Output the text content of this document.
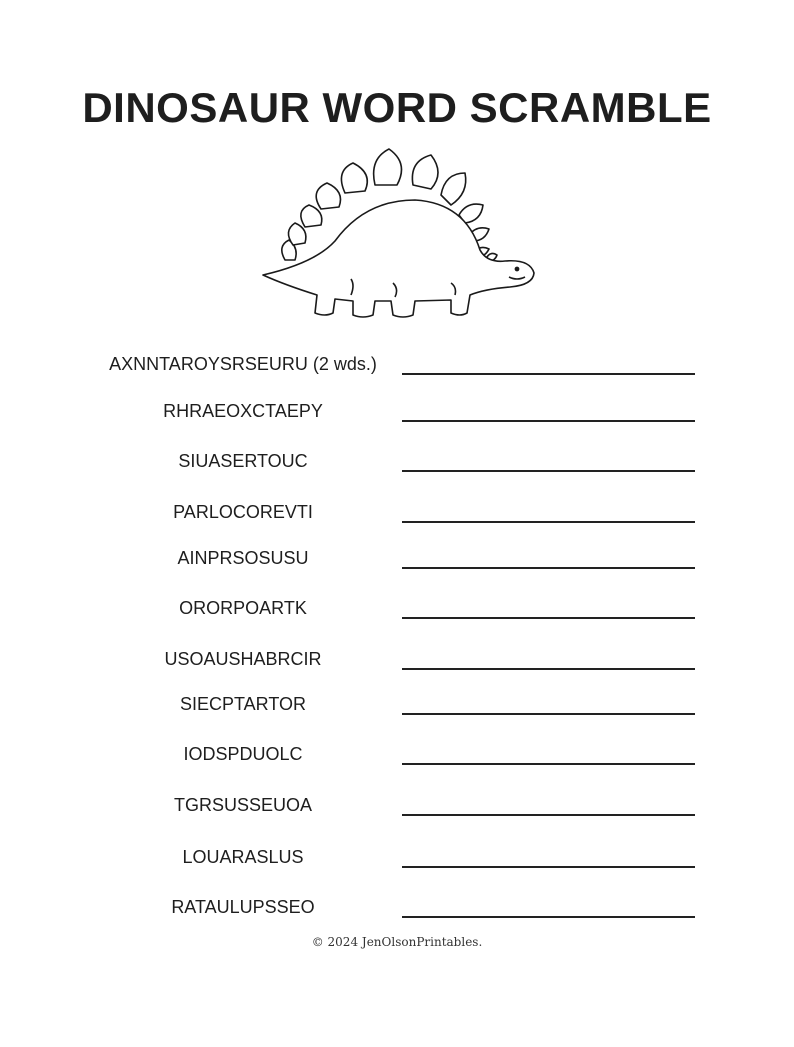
DINOSAUR WORD SCRAMBLE
AXNNTAROYSRSEURU (2 wds.)
RHRAEOXCTAEPY
SIUASERTOUC
PARLOCOREVTI
AINPRSOSUSU
ORORPOARTK
USOAUSHABRCIR
SIECPTARTOR
IODSPDUOLC
TGRSUSSEUOA
LOUARASLUS
RATAULUPSSEO
© 2024 JenOlsonPrintables.
